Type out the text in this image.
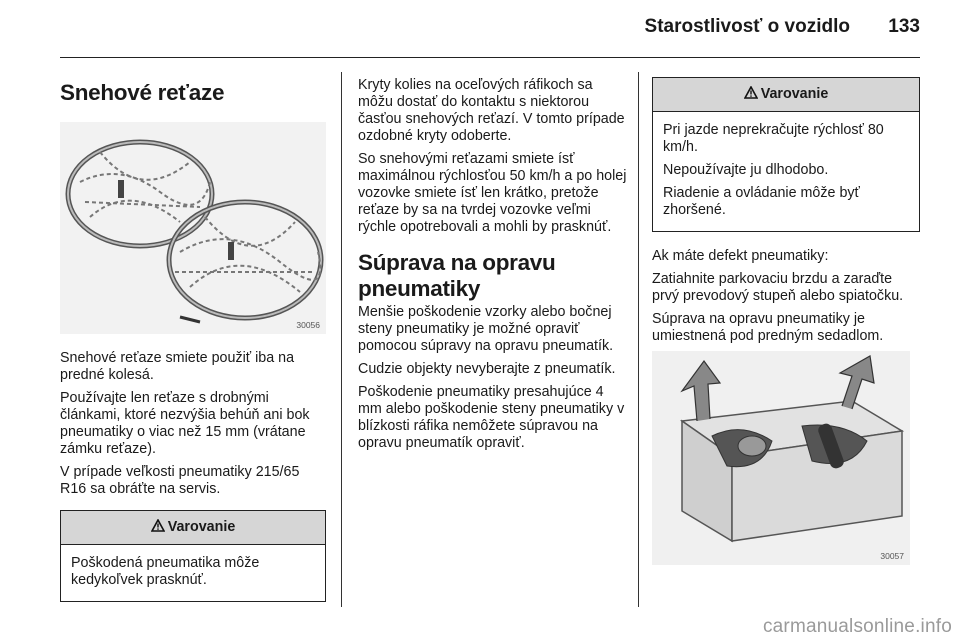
Starostlivosť o vozidlo 133
Snehové reťaze
30056

Snehové reťaze smiete použiť iba na predné kolesá.

Používajte len reťaze s drobnými článkami, ktoré nezvýšia behúň ani bok pneumatiky o viac než 15 mm (vrátane zámku reťaze).

V prípade veľkosti pneumatiky 215/65 R16 sa obráťte na servis.

Varovanie

Poškodená pneumatika môže kedykoľvek prasknúť.

Kryty kolies na oceľových ráfikoch sa môžu dostať do kontaktu s niektorou časťou snehových reťazí. V tomto prípade ozdobné kryty odoberte.

So snehovými reťazami smiete ísť maximálnou rýchlosťou 50 km/h a po holej vozovke smiete ísť len krátko, pretože reťaze by sa na tvrdej vozovke veľmi rýchle opotrebovali a mohli by prasknúť.

Súprava na opravu pneumatiky

Menšie poškodenie vzorky alebo bočnej steny pneumatiky je možné opraviť pomocou súpravy na opravu pneumatík.

Cudzie objekty nevyberajte z pneumatík.

Poškodenie pneumatiky presahujúce 4 mm alebo poškodenie steny pneumatiky v blízkosti ráfika nemôžete súpravou na opravu pneumatík opraviť.

Varovanie

Pri jazde neprekračujte rýchlosť 80 km/h.

Nepoužívajte ju dlhodobo.

Riadenie a ovládanie môže byť zhoršené.

Ak máte defekt pneumatiky:

Zatiahnite parkovaciu brzdu a zaraďte prvý prevodový stupeň alebo spiatočku.

Súprava na opravu pneumatiky je umiestnená pod predným sedadlom.

30057
carmanualsonline.info
